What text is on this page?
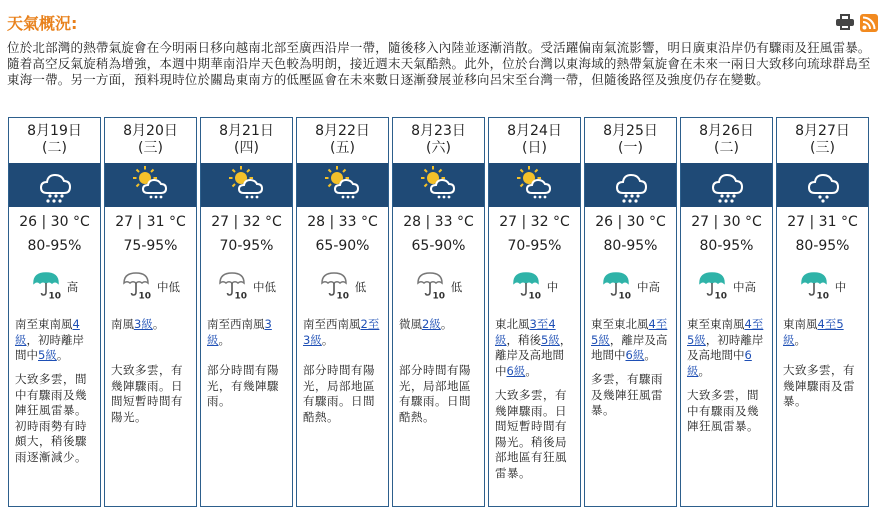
天氣概況:
位於北部灣的熱帶氣旋會在今明兩日移向越南北部至廣西沿岸一帶，隨後移入內陸並逐漸消散。受活躍偏南氣流影響，明日廣東沿岸仍有驟雨及狂風雷暴。隨着高空反氣旋稍為增強，本週中期華南沿岸天色較為明朗，接近週末天氣酷熱。此外，位於台灣以東海域的熱帶氣旋會在未來一兩日大致移向琉球群島至東海一帶。另一方面，預料現時位於關島東南方的低壓區會在未來數日逐漸發展並移向呂宋至台灣一帶，但隨後路徑及強度仍存在變數。
8月19日
(二)
26 | 30 °C
80-95%
10
高
南至東南風4級，初時離岸間中5級。
大致多雲，間中有驟雨及幾陣狂風雷暴。初時雨勢有時頗大，稍後驟雨逐漸減少。
8月20日
(三)
27 | 31 °C
75-95%
10
中低
南風3級。
大致多雲，有幾陣驟雨。日間短暫時間有陽光。
8月21日
(四)
27 | 32 °C
70-95%
10
中低
南至西南風3級。
部分時間有陽光，有幾陣驟雨。
8月22日
(五)
28 | 33 °C
65-90%
10
低
南至西南風2至3級。
部分時間有陽光，局部地區有驟雨。日間酷熱。
8月23日
(六)
28 | 33 °C
65-90%
10
低
微風2級。
部分時間有陽光，局部地區有驟雨。日間酷熱。
8月24日
(日)
27 | 32 °C
70-95%
10
中
東北風3至4級，稍後5級，離岸及高地間中6級。
大致多雲，有幾陣驟雨。日間短暫時間有陽光。稍後局部地區有狂風雷暴。
8月25日
(一)
26 | 30 °C
80-95%
10
中高
東至東北風4至5級，離岸及高地間中6級。
多雲，有驟雨及幾陣狂風雷暴。
8月26日
(二)
27 | 30 °C
80-95%
10
中高
東至東南風4至5級，初時離岸及高地間中6級。
大致多雲，間中有驟雨及幾陣狂風雷暴。
8月27日
(三)
27 | 31 °C
80-95%
10
中
東南風4至5級。
大致多雲，有幾陣驟雨及雷暴。
